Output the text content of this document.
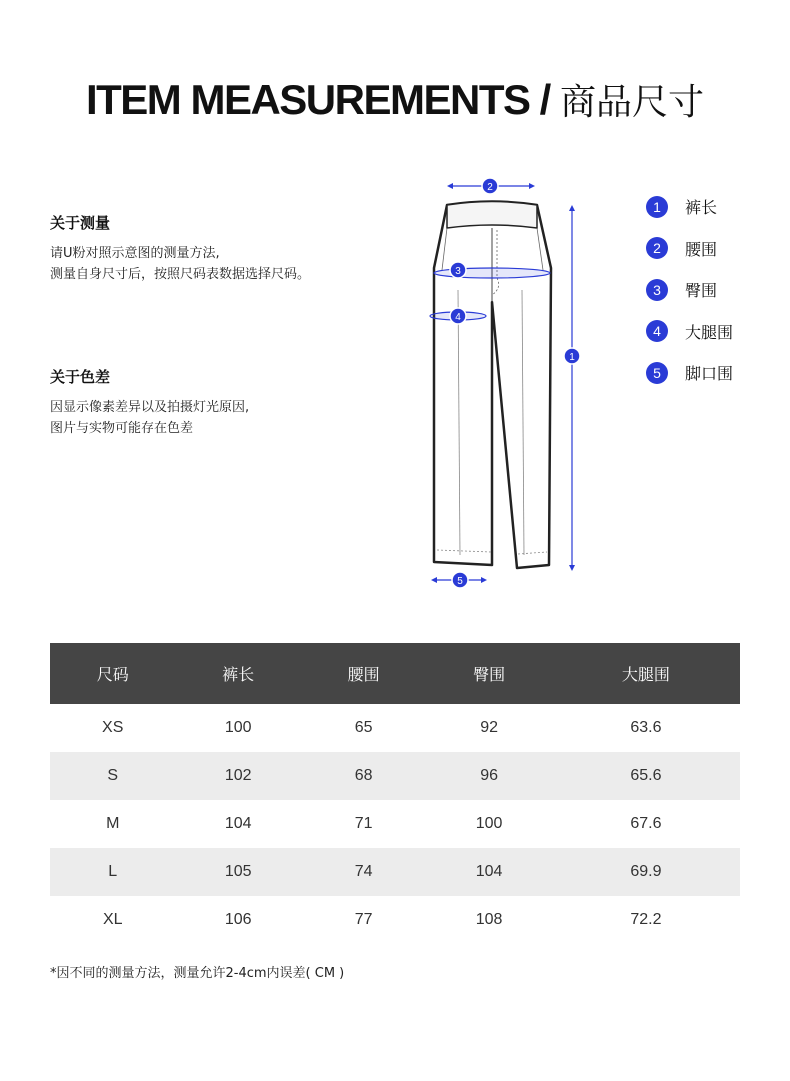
ITEM MEASUREMENTS / 商品尺寸
关于测量
请U粉对照示意图的测量方法,
测量自身尺寸后，按照尺码表数据选择尺码。
关于色差
因显示像素差异以及拍摄灯光原因,
图片与实物可能存在色差
2
1
3
4
5
1	裤长
2	腰围
3	臀围
4	大腿围
5	脚口围
尺码	裤长	腰围	臀围	大腿围
XS	100	65	92	63.6
S	102	68	96	65.6
M	104	71	100	67.6
L	105	74	104	69.9
XL	106	77	108	72.2
*因不同的测量方法，测量允许2-4cm内误差( CM )
